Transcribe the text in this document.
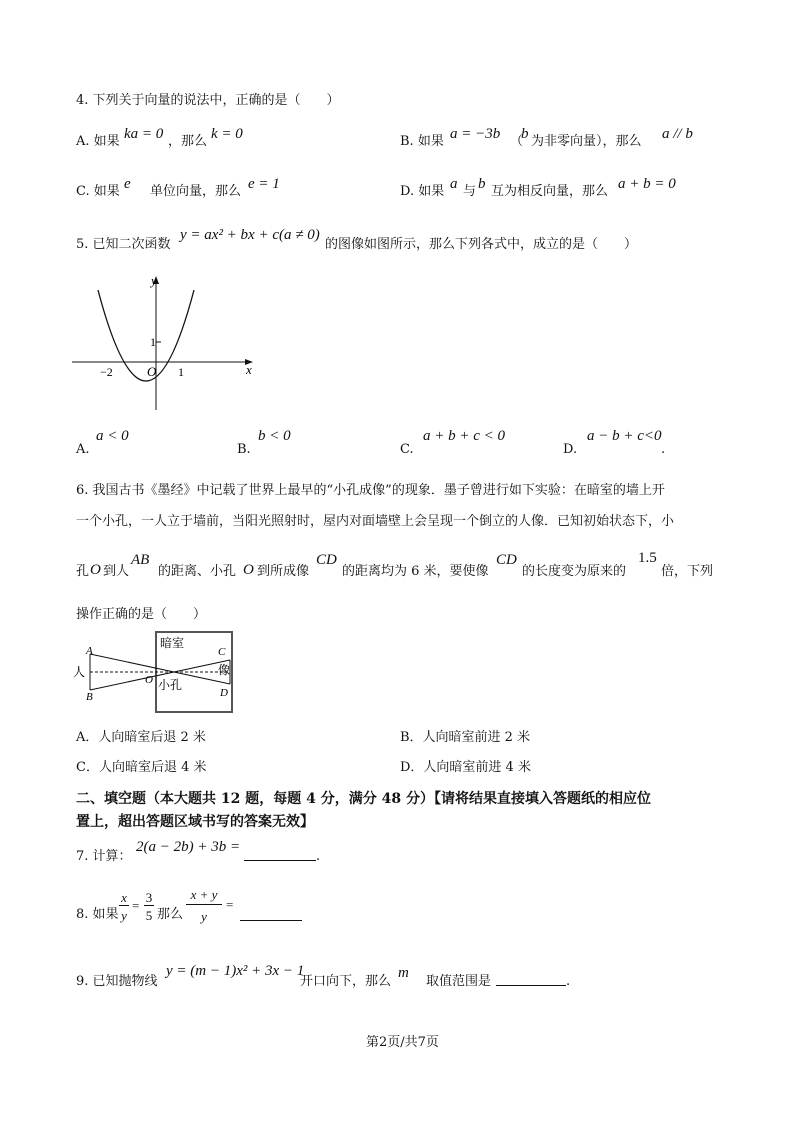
4. 下列关于向量的说法中，正确的是（　　）
A. 如果 ka = 0 ，那么 k = 0	B. 如果 a = −3b （
b 为非零向量），那么 a // b
C. 如果 e 单位向量，那么 e = 1	D. 如果 a 与 b 互为相反向量，那么 a + b = 0
5. 已知二次函数
y = ax² + bx + c(a ≠ 0)
的图像如图所示，那么下列各式中，成立的是（　　）
y
x
O
1
−2	1
A.
a < 0
B.
b < 0
C.
a + b + c < 0
D.
a − b + c<0
.
6. 我国古书《墨经》中记载了世界上最早的“小孔成像”的现象．墨子曾进行如下实验：在暗室的墙上开
一个小孔，一人立于墙前，当阳光照射时，屋内对面墙壁上会呈现一个倒立的人像．已知初始状态下，小
孔 O 到人
AB
的距离、小孔 O 到所成像
CD
的距离均为 6 米，要使像
CD
的长度变为原来的
1.5
倍，下列
操作正确的是（　　）
A
B
C
D
O
人
暗室
像
小孔
A．人向暗室后退 2 米	B．人向暗室前进 2 米
C．人向暗室后退 4 米	D．人向暗室前进 4 米
二、填空题（本大题共 12 题，每题 4 分，满分 48 分）【请将结果直接填入答题纸的相应位
置上，超出答题区域书写的答案无效】
7. 计算：
2(a − 2b) + 3b =
.
8. 如果
x
y
=
3
5 那么
x + y
y
=
9. 已知抛物线
y = (m − 1)x² + 3x − 1
开口向下，那么
m
取值范围是	.
第2页/共7页
